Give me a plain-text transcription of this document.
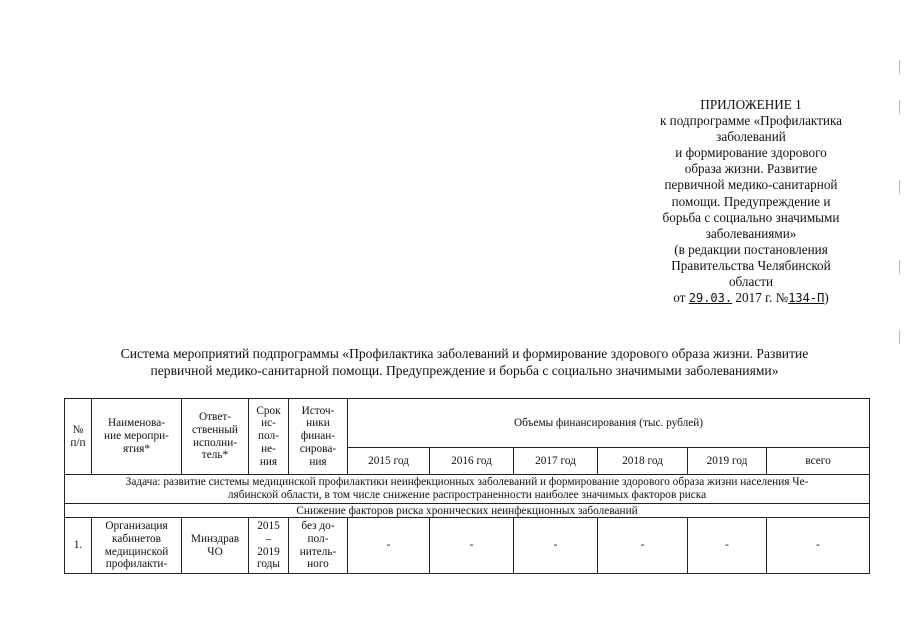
ПРИЛОЖЕНИЕ 1
к подпрограмме «Профилактика
заболеваний
и формирование здорового
образа жизни. Развитие
первичной медико-санитарной
помощи. Предупреждение и
борьба с социально значимыми
заболеваниями»
(в редакции постановления
Правительства Челябинской
области
от 29.03. 2017 г. №134-П)
Система мероприятий подпрограммы «Профилактика заболеваний и формирование здорового образа жизни. Развитие
первичной медико-санитарной помощи. Предупреждение и борьба с социально значимыми заболеваниями»
№
п/п	Наименова-
ние меропри-
ятия*	Ответ-
ственный
исполни-
тель*	Срок
ис-
пол-
не-
ния	Источ-
ники
финан-
сирова-
ния	Объемы финансирования (тыс. рублей)					
					2015 год	2016 год	2017 год	2018 год	2019 год	всего

Задача: развитие системы медицинской профилактики неинфекционных заболеваний и формирование здорового образа жизни населения Че-
лябинской области, в том числе снижение распространенности наиболее значимых факторов риска										

Снижение факторов риска хронических неинфекционных заболеваний										
1.	Организация
кабинетов
медицинской
профилакти-	Минздрав
ЧО	2015
–
2019
годы	без до-
пол-
нитель-
ного	-	-	-	-	-	-
